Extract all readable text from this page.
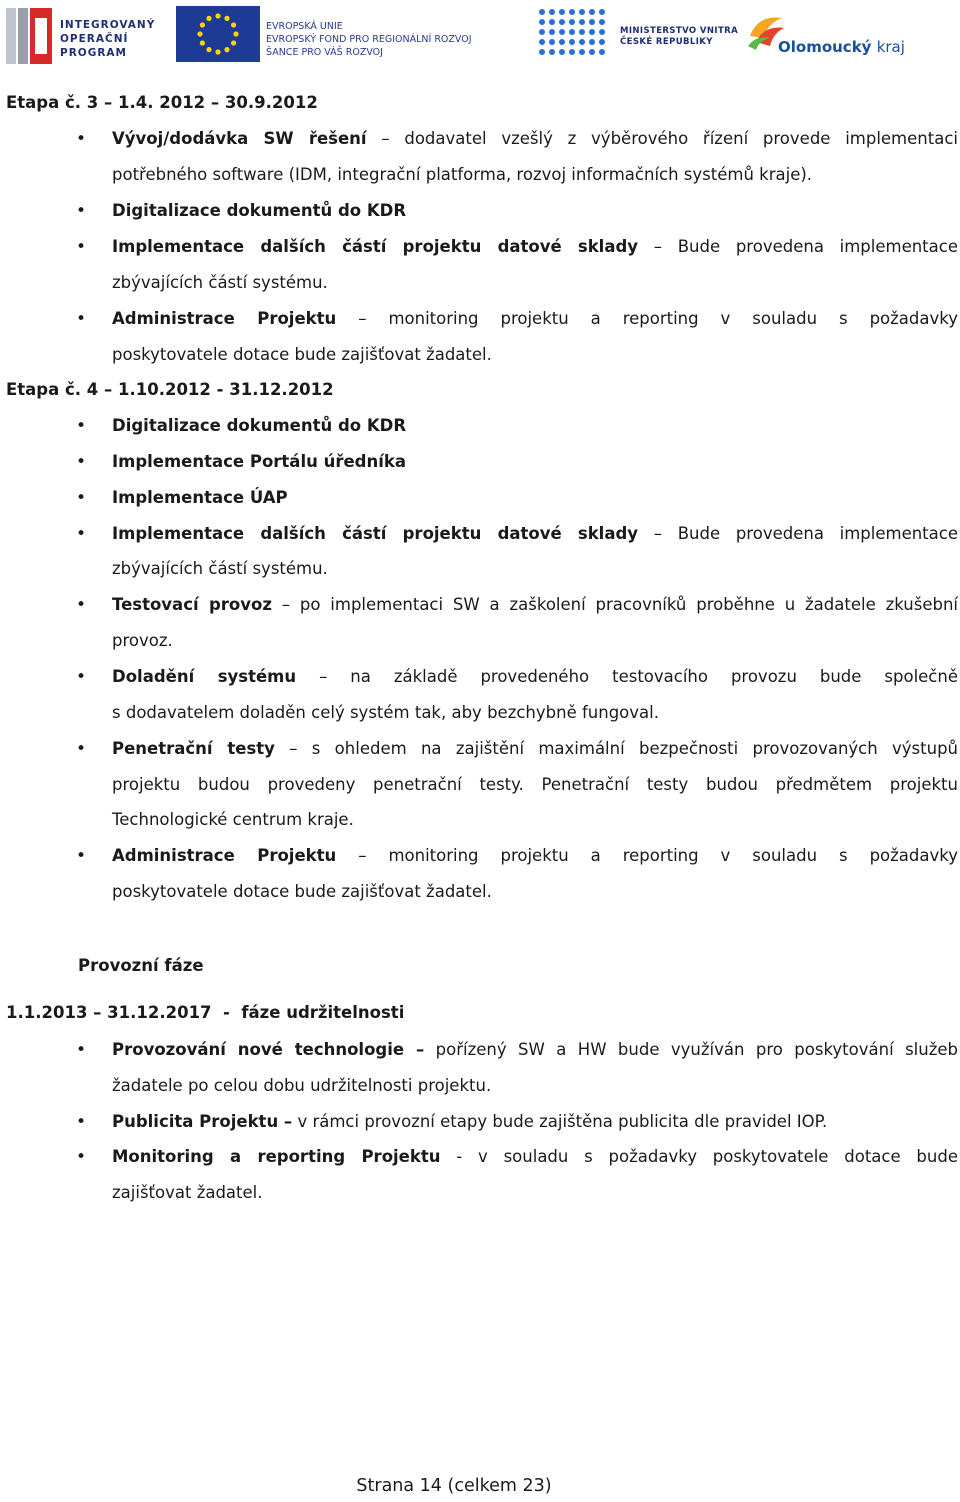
INTEGROVANÝ
OPERAČNÍ
PROGRAM
EVROPSKÁ UNIE
EVROPSKÝ FOND PRO REGIONÁLNÍ ROZVOJ
ŠANCE PRO VÁŠ ROZVOJ
MINISTERSTVO VNITRA
ČESKÉ REPUBLIKY	Olomoucký kraj
Etapa č. 3 – 1.4. 2012 – 30.9.2012
• Vývoj/dodávka SW řešení – dodavatel vzešlý z výběrového řízení provede implementaci
potřebného software (IDM, integrační platforma, rozvoj informačních systémů kraje).
• Digitalizace dokumentů do KDR
• Implementace dalších částí projektu datové sklady – Bude provedena implementace
zbývajících částí systému.
• Administrace Projektu – monitoring projektu a reporting v souladu s požadavky
poskytovatele dotace bude zajišťovat žadatel.
Etapa č. 4 – 1.10.2012 - 31.12.2012
• Digitalizace dokumentů do KDR
• Implementace Portálu úředníka
• Implementace ÚAP
• Implementace dalších částí projektu datové sklady – Bude provedena implementace
zbývajících částí systému.
• Testovací provoz – po implementaci SW a zaškolení pracovníků proběhne u žadatele zkušební
provoz.
• Doladění systému – na základě provedeného testovacího provozu bude společně
s dodavatelem doladěn celý systém tak, aby bezchybně fungoval.
• Penetrační testy – s ohledem na zajištění maximální bezpečnosti provozovaných výstupů
projektu budou provedeny penetrační testy. Penetrační testy budou předmětem projektu
Technologické centrum kraje.
• Administrace Projektu – monitoring projektu a reporting v souladu s požadavky
poskytovatele dotace bude zajišťovat žadatel.
Provozní fáze
1.1.2013 – 31.12.2017  -  fáze udržitelnosti
• Provozování nové technologie – pořízený SW a HW bude využíván pro poskytování služeb
žadatele po celou dobu udržitelnosti projektu.
• Publicita Projektu – v rámci provozní etapy bude zajištěna publicita dle pravidel IOP.
• Monitoring a reporting Projektu - v souladu s požadavky poskytovatele dotace bude
zajišťovat žadatel.
Strana 14 (celkem 23)
